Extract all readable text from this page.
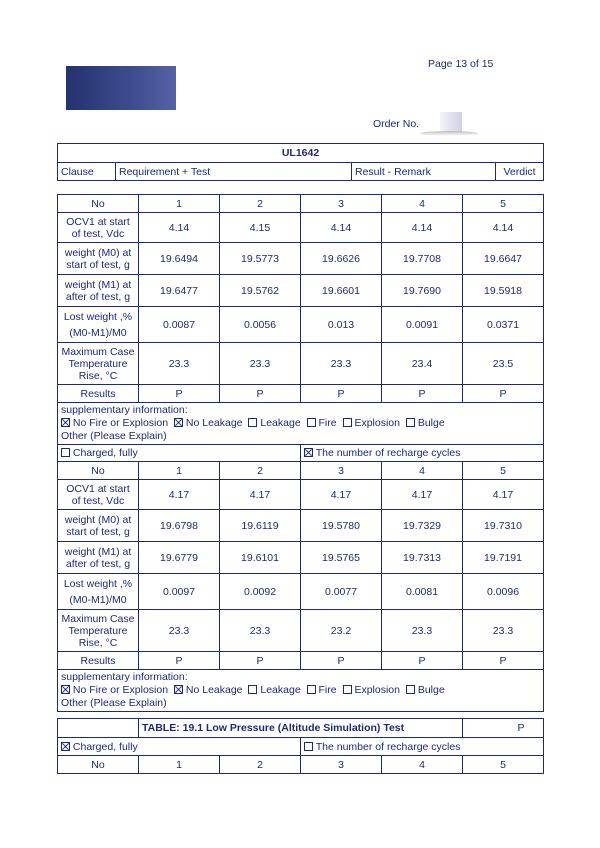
Page 13 of 15
Order No.
UL1642
Clause	Requirement + Test	Result - Remark	Verdict
No	1	2	3	4	5
OCV1 at start of test, Vdc	4.14	4.15	4.14	4.14	4.14
weight (M0) at start of test, g	19.6494	19.5773	19.6626	19.7708	19.6647
weight (M1) at after of test, g	19.6477	19.5762	19.6601	19.7690	19.5918

Lost weight ,%
(M0-M1)/M0	0.0087	0.0056	0.013	0.0091	0.0371
Maximum Case Temperature Rise, °C	23.3	23.3	23.3	23.4	23.5
Results	P	P	P	P	P

supplementary information:
No Fire or Explosion No Leakage Leakage Fire Explosion Bulge
Other (Please Explain)					

Charged, fully			The number of recharge cycles		
No	1	2	3	4	5
OCV1 at start of test, Vdc	4.17	4.17	4.17	4.17	4.17
weight (M0) at start of test, g	19.6798	19.6119	19.5780	19.7329	19.7310
weight (M1) at after of test, g	19.6779	19.6101	19.5765	19.7313	19.7191

Lost weight ,%
(M0-M1)/M0	0.0097	0.0092	0.0077	0.0081	0.0096
Maximum Case Temperature Rise, °C	23.3	23.3	23.2	23.3	23.3
Results	P	P	P	P	P

supplementary information:
No Fire or Explosion No Leakage Leakage Fire Explosion Bulge
Other (Please Explain)					
	TABLE: 19.1 Low Pressure (Altitude Simulation) Test				P
Charged, fully			The number of recharge cycles		
No	1	2	3	4	5
